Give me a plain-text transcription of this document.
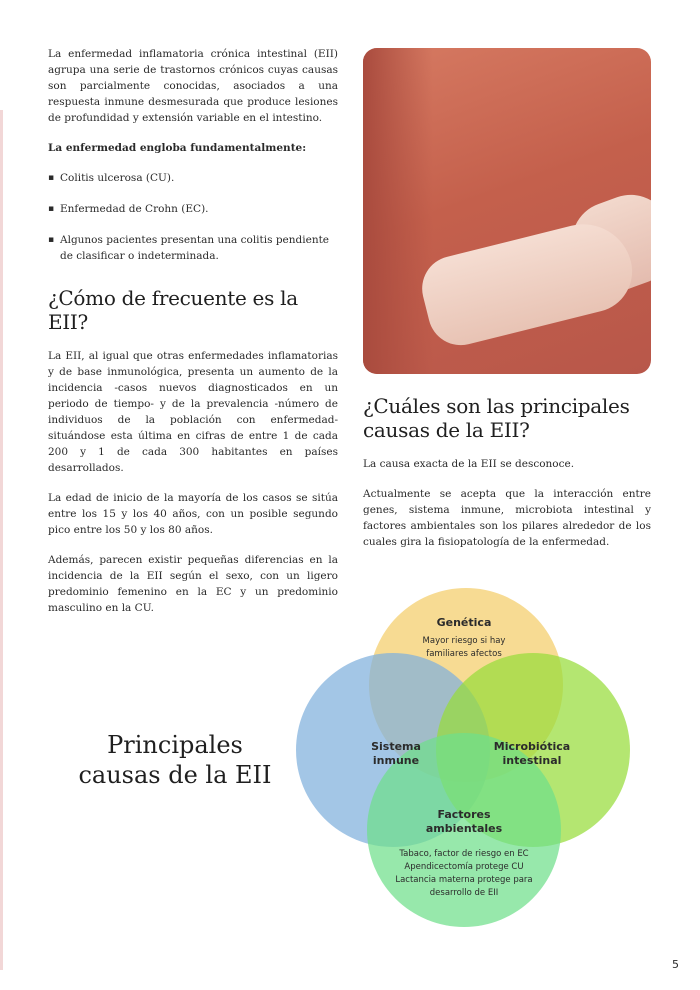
La enfermedad inflamatoria crónica intestinal (EII) agrupa una serie de trastornos crónicos cuyas causas son parcialmente conocidas, asociados a una respuesta inmune desmesurada que produce lesiones de profundidad y extensión variable en el intestino.

La enfermedad engloba fundamentalmente:

▪ Colitis ulcerosa (CU).
▪ Enfermedad de Crohn (EC).
▪ Algunos pacientes presentan una colitis pendiente de clasificar o indeterminada.
¿Cómo de frecuente es la EII?

La EII, al igual que otras enfermedades inflamatorias y de base inmunológica, presenta un aumento de la incidencia -casos nuevos diagnosticados en un periodo de tiempo- y de la prevalencia -número de individuos de la población con enfermedad- situándose esta última en cifras de entre 1 de cada 200 y 1 de cada 300 habitantes en países desarrollados.

La edad de inicio de la mayoría de los casos se sitúa entre los 15 y los 40 años, con un posible segundo pico entre los 50 y los 80 años.

Además, parecen existir pequeñas diferencias en la incidencia de la EII según el sexo, con un ligero predominio femenino en la EC y un predominio masculino en la CU.

¿Cuáles son las principales causas de la EII?

La causa exacta de la EII se desconoce.

Actualmente se acepta que la interacción entre genes, sistema inmune, microbiota intestinal y factores ambientales son los pilares alrededor de los cuales gira la fisiopatología de la enfermedad.

Principales causas de la EII
Genética
Mayor riesgo si hay
familiares afectos
Sistema
inmune
Microbiótica
intestinal
Factores
ambientales
Tabaco, factor de riesgo en EC
Apendicectomía protege CU
Lactancia materna protege para
desarrollo de EII
5
